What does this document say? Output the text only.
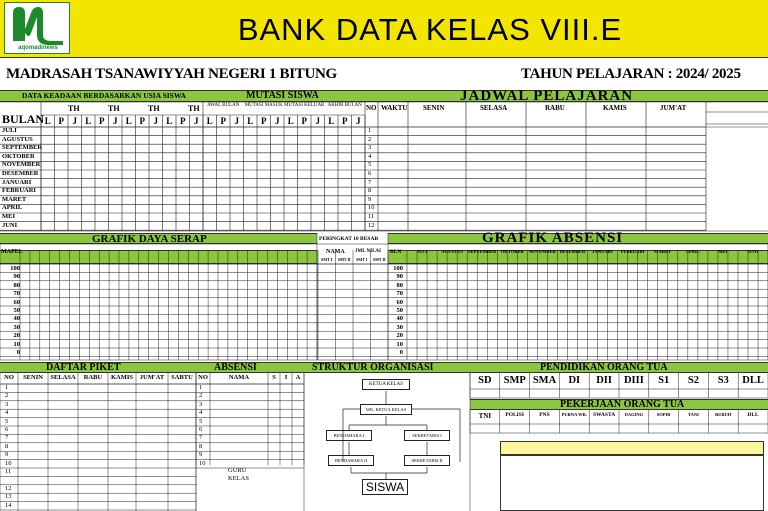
aqomadinews
BANK DATA KELAS VIII.E
MADRASAH TSANAWIYYAH NEGERI 1 BITUNG	TAHUN PELAJARAN : 2024/ 2025
DATA KEADAAN BERDASARKAN USIA SISWA	MUTASI SISWA	JADWAL PELAJARAN
TH	TH	TH	TH
BULAN L P J L P J L P J L P J
AWAL BULAN	MUTASI MASUK MUTASI KELUAR AKHIR BULAN
L P J L P J L P J L P J
JULI
AGUSTUS
SEPTEMBER
OKTOBER
NOVEMBER
DESEMBER
JANUARI
FEBRUARI
MARET
APRIL
MEI
JUNI
NO WAKTU SENIN	SELASA	RABU	KAMIS	JUM'AT
1
2
3
4
5
6
7
8
9
10
11
12
GRAFIK DAYA SERAP	PERINGKAT 10 BESAR	GRAFIK ABSENSI
MAPEL	BLN
NAMA JML NILAI
SMT I	SMT II	SMT I	SMT II
JULI	AGUSTUS	SEPTEMBER OKTOBER	NOVEMBER DESEMBER	JANUARI	FEBRUARI	MARET	APRIL	MEI	JUNI
100
90
80
70
60
50
40
30
20
10
0
100
90
80
70
60
50
40
30
20
10
0
DAFTAR PIKET	ABSENSI	STRUKTUR ORGANISASI	PENDIDIKAN ORANG TUA
NO	SENIN	SELASA	RABU	KAMIS	JUM'AT	SABTU
1
2
3
4
5
6
7
8
9
10
11
12
13
14
NO	NAMA	S	I	A
1
2
3
4
5
6
7
8
9
10
GURU
KELAS
KETUA KELAS
WK. KETUA KELAS
BENDAHARA I	SEKRETARIS I
BENDAHARA II	SEKRETARIS II
SISWA
SD	SMP SMA	DI	DII	DIII	S1	S2	S3	DLL
PEKERJAAN ORANG TUA
TNI	POLISI	PNS	PURNA WR.	SWASTA	DAGING	SOPIR	TANI	BURUH	DLL
